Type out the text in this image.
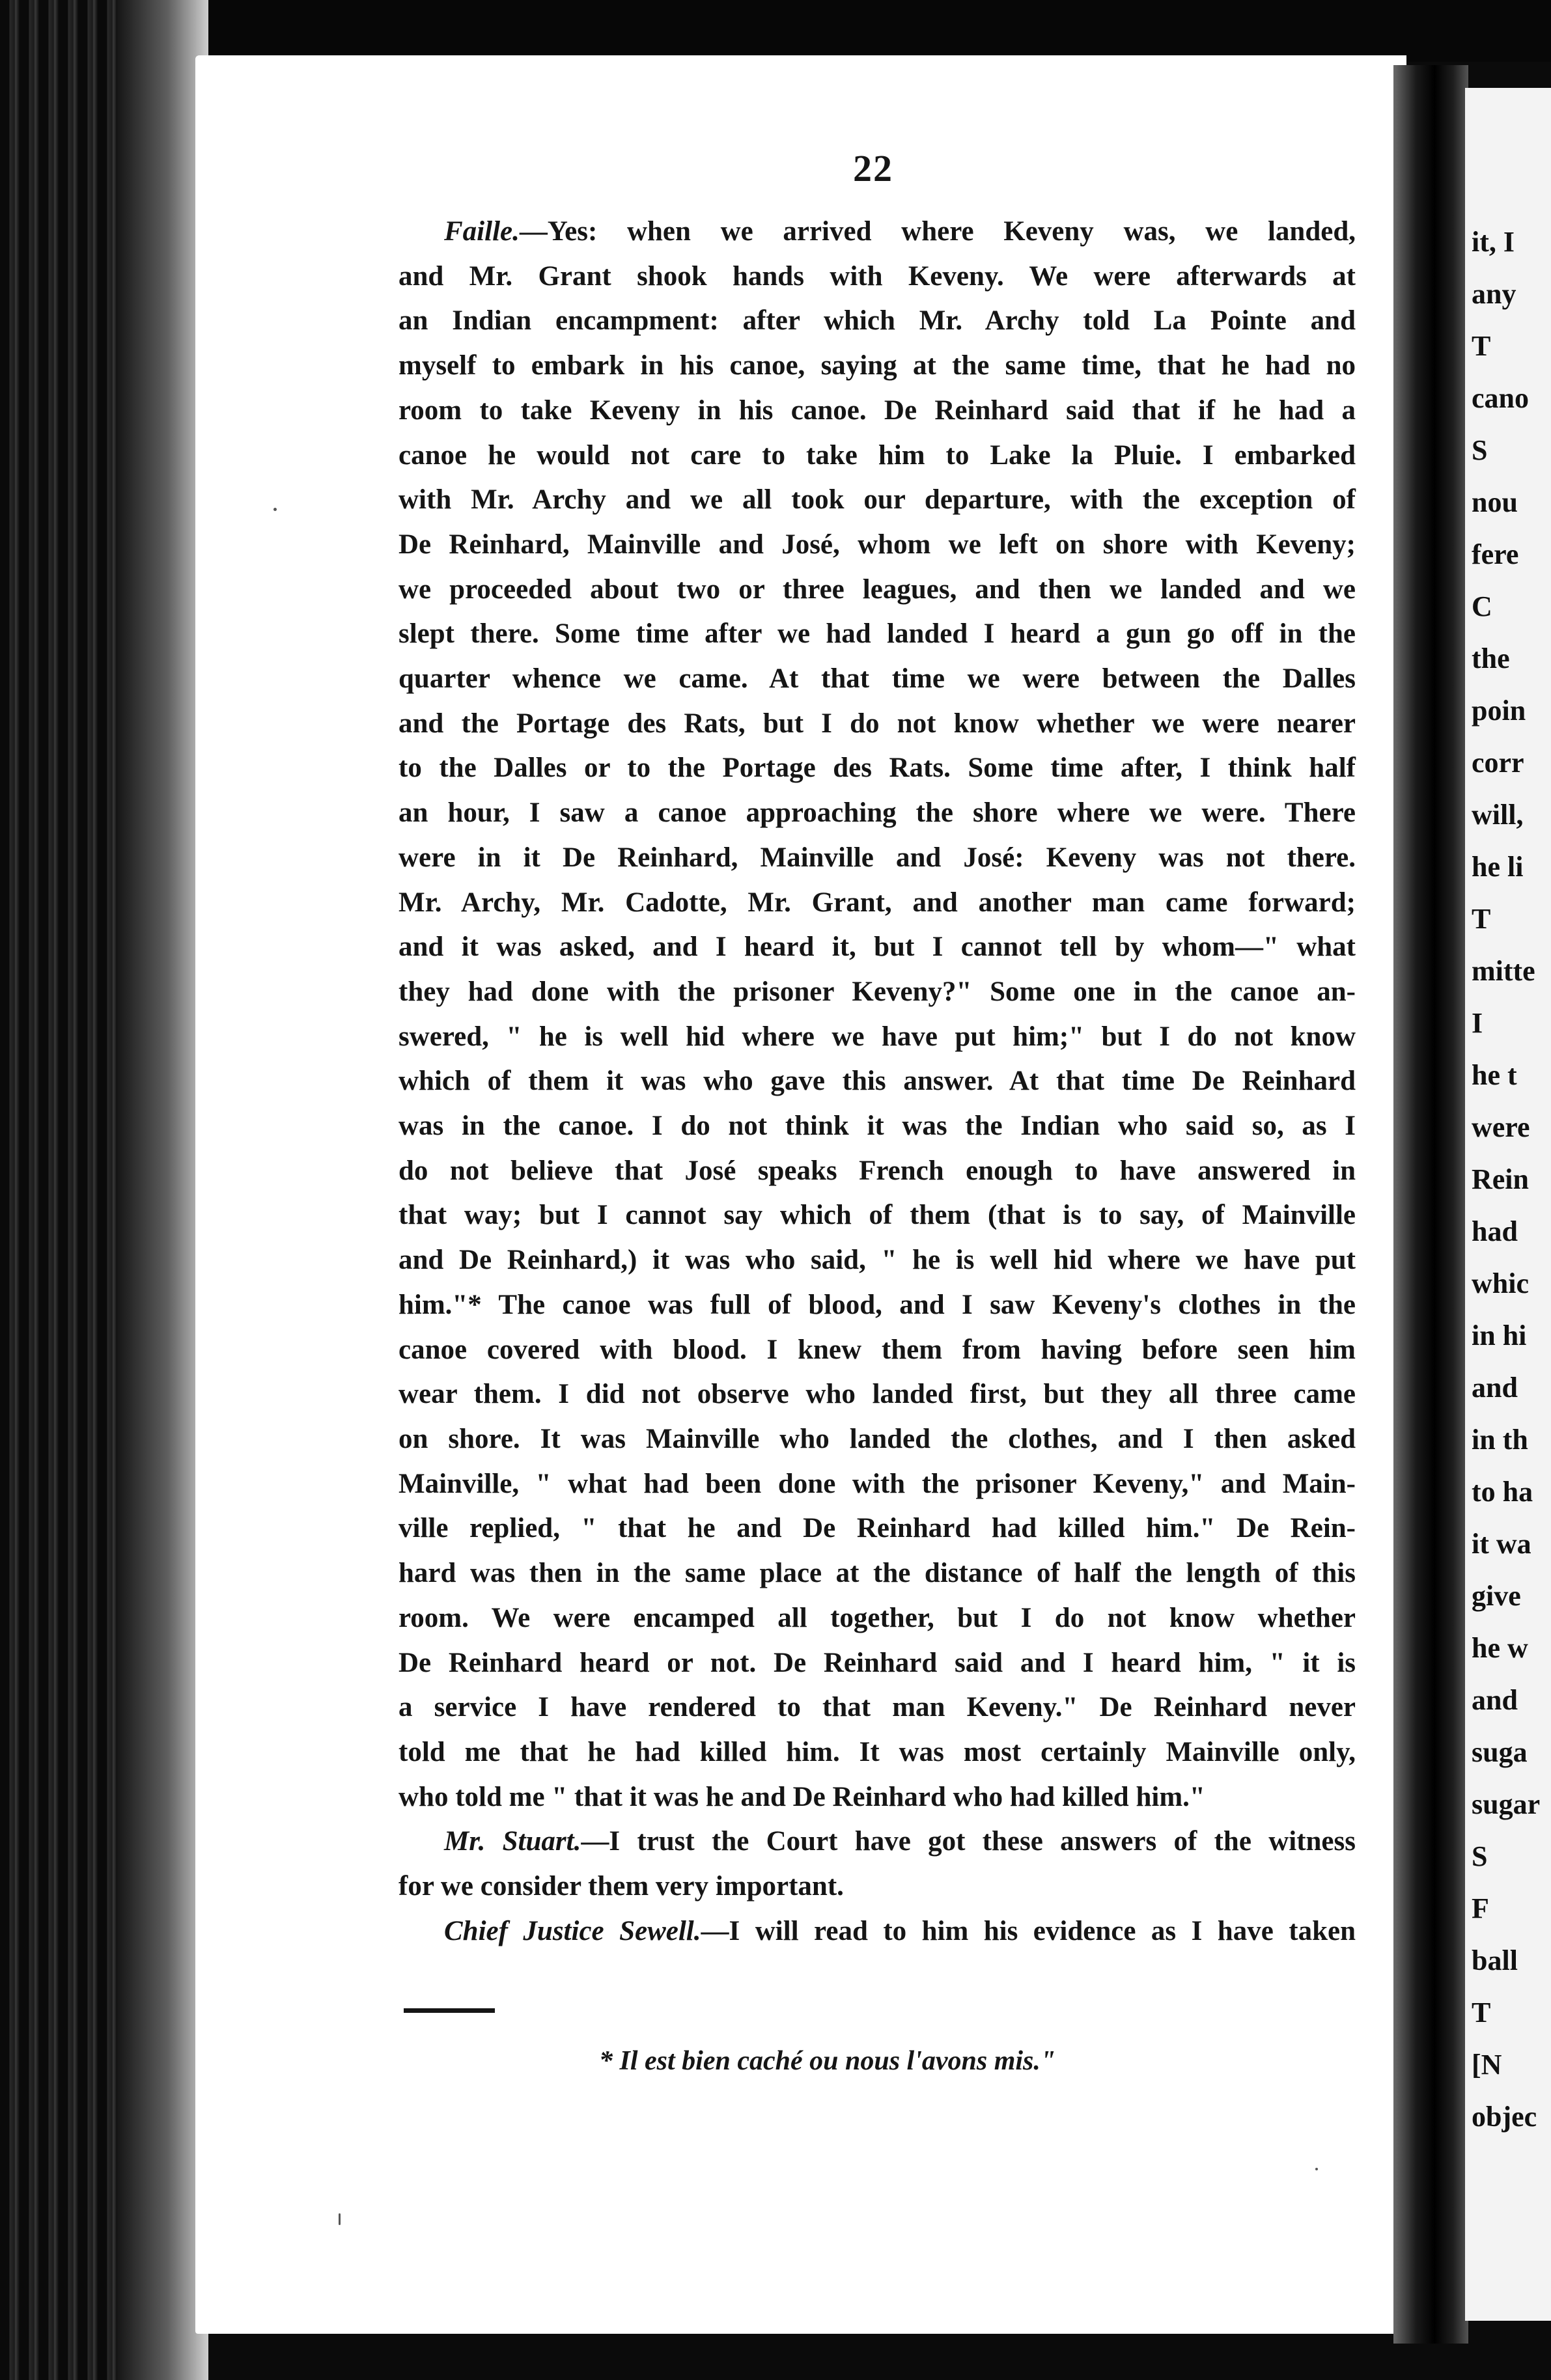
it, I
any
T
cano
S
nou
fere
C
the
poin
corr
will,
he li
T
mitte
I
he t
were
Rein
had
whic
in hi
and
in th
to ha
it wa
give
he w
and
suga
sugar
S
F
ball
T
[N
objec
22

Faille.—Yes: when we arrived where Keveny was, we landed,

and Mr. Grant shook hands with Keveny. We were afterwards at

an Indian encampment: after which Mr. Archy told La Pointe and

myself to embark in his canoe, saying at the same time, that he had no

room to take Keveny in his canoe. De Reinhard said that if he had a

canoe he would not care to take him to Lake la Pluie. I embarked

with Mr. Archy and we all took our departure, with the exception of

De Reinhard, Mainville and José, whom we left on shore with Keveny;

we proceeded about two or three leagues, and then we landed and we

slept there. Some time after we had landed I heard a gun go off in the

quarter whence we came. At that time we were between the Dalles

and the Portage des Rats, but I do not know whether we were nearer

to the Dalles or to the Portage des Rats. Some time after, I think half

an hour, I saw a canoe approaching the shore where we were. There

were in it De Reinhard, Mainville and José: Keveny was not there.

Mr. Archy, Mr. Cadotte, Mr. Grant, and another man came forward;

and it was asked, and I heard it, but I cannot tell by whom—" what

they had done with the prisoner Keveny?" Some one in the canoe an-

swered, " he is well hid where we have put him;" but I do not know

which of them it was who gave this answer. At that time De Reinhard

was in the canoe. I do not think it was the Indian who said so, as I

do not believe that José speaks French enough to have answered in

that way; but I cannot say which of them (that is to say, of Mainville

and De Reinhard,) it was who said, " he is well hid where we have put

him."* The canoe was full of blood, and I saw Keveny's clothes in the

canoe covered with blood. I knew them from having before seen him

wear them. I did not observe who landed first, but they all three came

on shore. It was Mainville who landed the clothes, and I then asked

Mainville, " what had been done with the prisoner Keveny," and Main-

ville replied, " that he and De Reinhard had killed him." De Rein-

hard was then in the same place at the distance of half the length of this

room. We were encamped all together, but I do not know whether

De Reinhard heard or not. De Reinhard said and I heard him, " it is

a service I have rendered to that man Keveny." De Reinhard never

told me that he had killed him. It was most certainly Mainville only,

who told me " that it was he and De Reinhard who had killed him."

Mr. Stuart.—I trust the Court have got these answers of the witness

for we consider them very important.

Chief Justice Sewell.—I will read to him his evidence as I have taken

* Il est bien caché ou nous l'avons mis."
